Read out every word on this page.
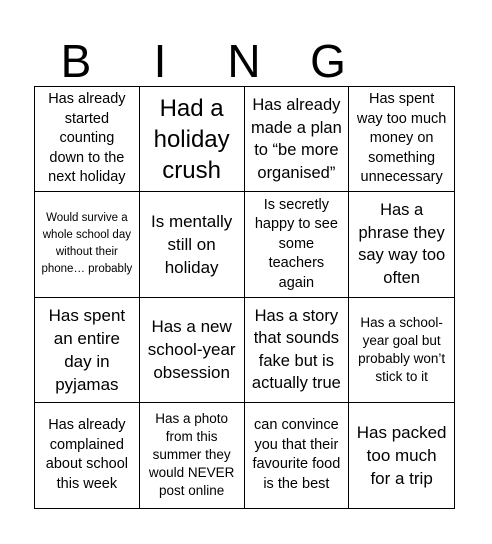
B	I	N	G
Has already started counting down to the next holiday
Had a holiday crush
Has already made a plan to “be more organised”
Has spent way too much money on something unnecessary
Would survive a whole school day without their phone… probably
Is mentally still on holiday
Is secretly happy to see some teachers again
Has a phrase they say way too often
Has spent an entire day in pyjamas
Has a new school-year obsession
Has a story that sounds fake but is actually true
Has a school-year goal but probably won’t stick to it
Has already complained about school this week
Has a photo from this summer they would NEVER post online
can convince you that their favourite food is the best
Has packed too much for a trip
